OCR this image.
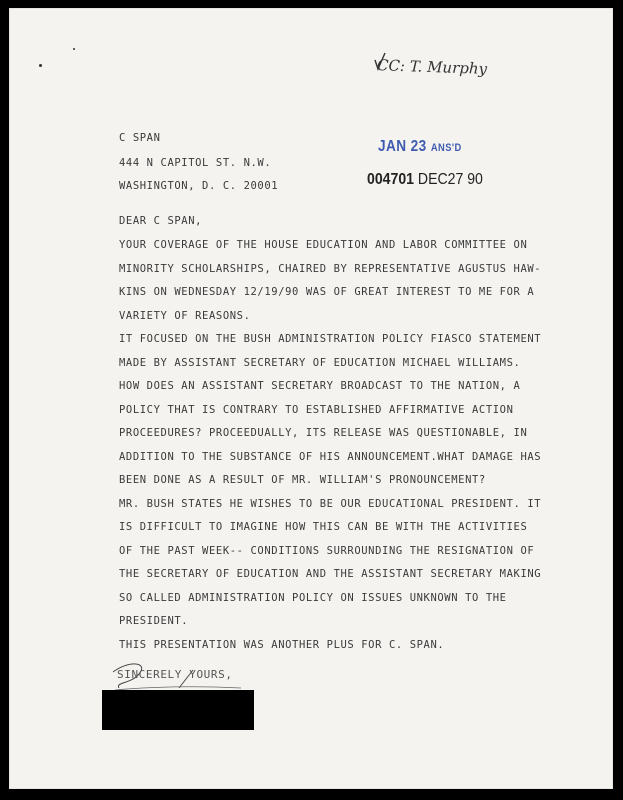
CC: T. Murphy
C SPAN
444 N CAPITOL ST. N.W.
WASHINGTON, D. C. 20001
JAN 23 ANS'D
004701 DEC27 90
DEAR C SPAN,
YOUR COVERAGE OF THE HOUSE EDUCATION AND LABOR COMMITTEE ON
MINORITY SCHOLARSHIPS, CHAIRED BY REPRESENTATIVE AGUSTUS HAW-
KINS ON WEDNESDAY 12/19/90 WAS OF GREAT INTEREST TO ME FOR A
VARIETY OF REASONS.
IT FOCUSED ON THE BUSH ADMINISTRATION POLICY FIASCO STATEMENT
MADE BY ASSISTANT SECRETARY OF EDUCATION MICHAEL WILLIAMS.
HOW DOES AN ASSISTANT SECRETARY BROADCAST TO THE NATION, A
POLICY THAT IS CONTRARY TO ESTABLISHED AFFIRMATIVE ACTION
PROCEEDURES? PROCEEDUALLY, ITS RELEASE WAS QUESTIONABLE, IN
ADDITION TO THE SUBSTANCE OF HIS ANNOUNCEMENT.WHAT DAMAGE HAS
BEEN DONE AS A RESULT OF MR. WILLIAM'S PRONOUNCEMENT?
MR. BUSH STATES HE WISHES TO BE OUR EDUCATIONAL PRESIDENT. IT
IS DIFFICULT TO IMAGINE HOW THIS CAN BE WITH THE ACTIVITIES
OF THE PAST WEEK-- CONDITIONS SURROUNDING THE RESIGNATION OF
THE SECRETARY OF EDUCATION AND THE ASSISTANT SECRETARY MAKING
SO CALLED ADMINISTRATION POLICY ON ISSUES UNKNOWN TO THE
PRESIDENT.
THIS PRESENTATION WAS ANOTHER PLUS FOR C. SPAN.
SINCERELY YOURS,
